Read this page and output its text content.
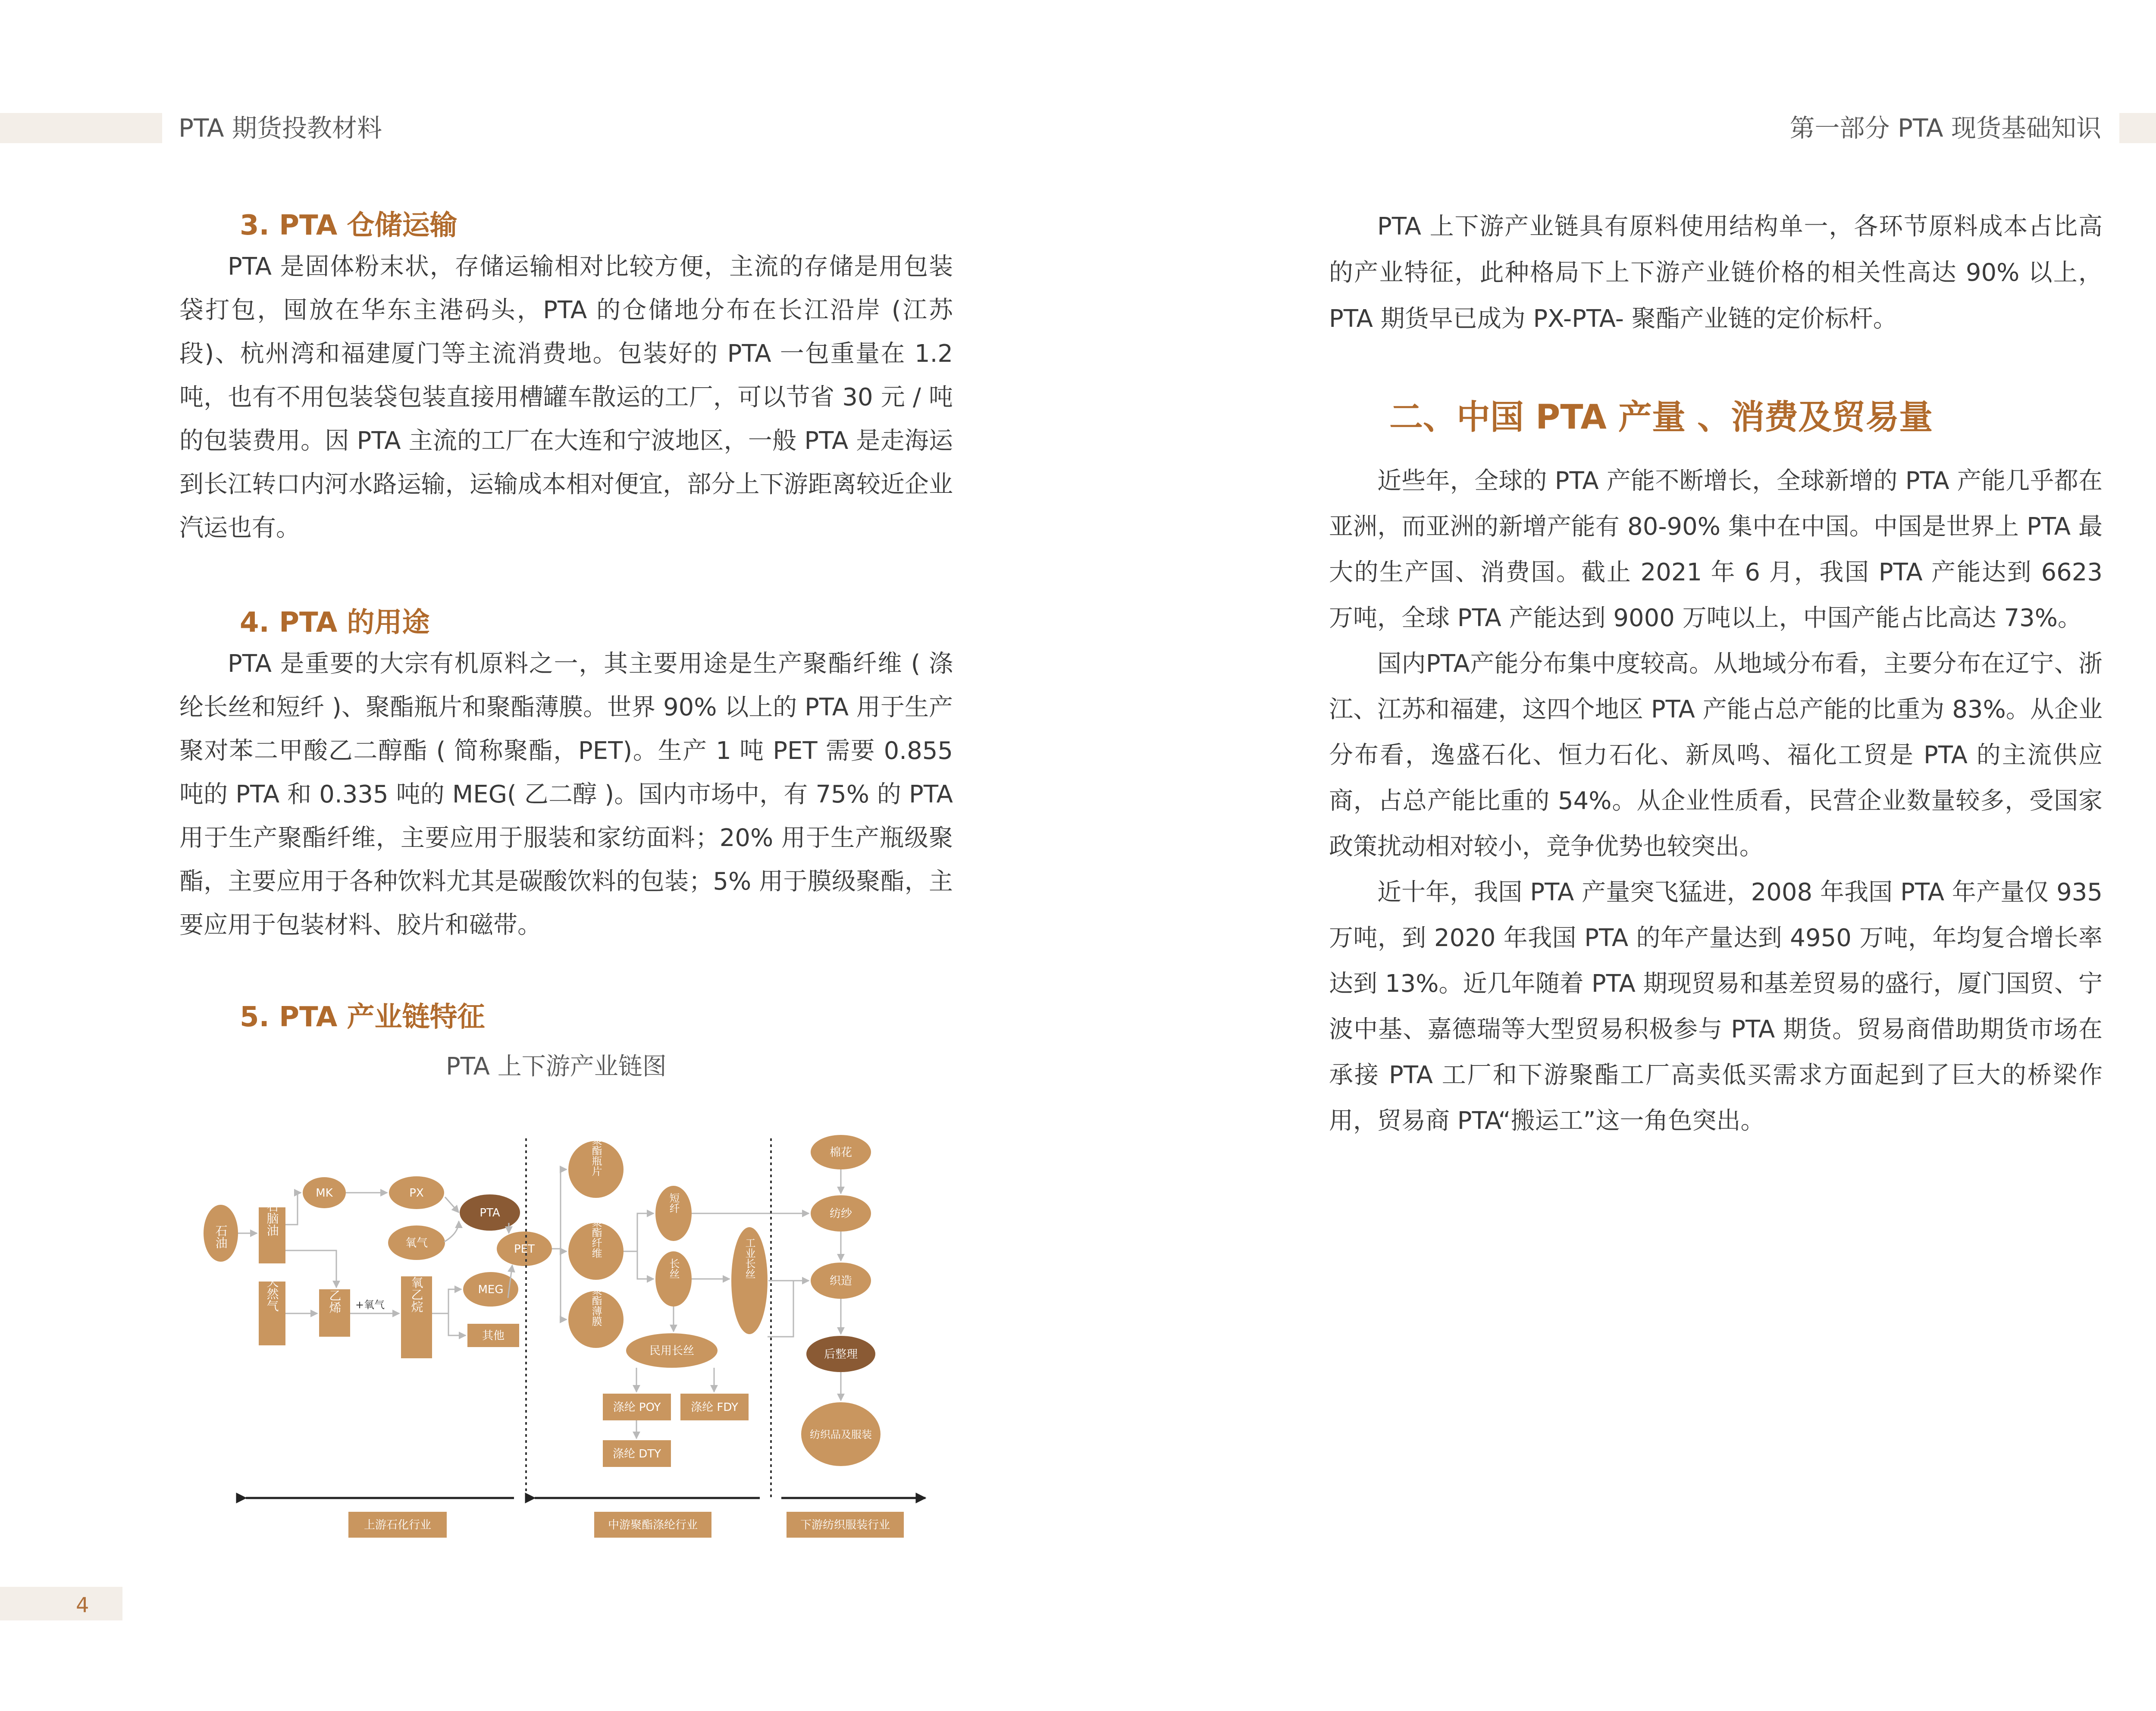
PTA 期货投教材料	第一部分 PTA 现货基础知识
4
3. PTA 仓储运输

PTA 是固体粉末状，存储运输相对比较方便，主流的存储是用包装袋打包，囤放在华东主港码头，PTA 的仓储地分布在长江沿岸 (江苏段)、杭州湾和福建厦门等主流消费地。包装好的 PTA 一包重量在 1.2 吨，也有不用包装袋包装直接用槽罐车散运的工厂，可以节省 30 元 / 吨的包装费用。因 PTA 主流的工厂在大连和宁波地区，一般 PTA 是走海运到长江转口内河水路运输，运输成本相对便宜，部分上下游距离较近企业汽运也有。

4. PTA 的用途

PTA 是重要的大宗有机原料之一，其主要用途是生产聚酯纤维 ( 涤纶长丝和短纤 )、聚酯瓶片和聚酯薄膜。世界 90% 以上的 PTA 用于生产聚对苯二甲酸乙二醇酯 ( 简称聚酯，PET)。生产 1 吨 PET 需要 0.855 吨的 PTA 和 0.335 吨的 MEG( 乙二醇 )。国内市场中，有 75% 的 PTA 用于生产聚酯纤维，主要应用于服装和家纺面料；20% 用于生产瓶级聚酯，主要应用于各种饮料尤其是碳酸饮料的包装；5% 用于膜级聚酯，主要应用于包装材料、胶片和磁带。

5. PTA 产业链特征
PTA 上下游产业链图
石油
石脑油
天然气
MK	PX
氧气
PTA
乙烯 +氧气 环氧乙烷	MEG
其他
PET
聚酯瓶片
聚酯纤维
聚酯薄膜
短纤
长丝	工业长丝
民用长丝
涤纶 POY	涤纶 FDY
涤纶 DTY
棉花
纺纱
织造
后整理
纺织品及服装
上游石化行业	中游聚酯涤纶行业	下游纺织服装行业

PTA 上下游产业链具有原料使用结构单一，各环节原料成本占比高的产业特征，此种格局下上下游产业链价格的相关性高达 90% 以上，PTA 期货早已成为 PX-PTA- 聚酯产业链的定价标杆。

二、中国 PTA 产量 、消费及贸易量

近些年，全球的 PTA 产能不断增长，全球新增的 PTA 产能几乎都在亚洲，而亚洲的新增产能有 80-90% 集中在中国。中国是世界上 PTA 最大的生产国、消费国。截止 2021 年 6 月，我国 PTA 产能达到 6623 万吨，全球 PTA 产能达到 9000 万吨以上，中国产能占比高达 73%。

国内PTA产能分布集中度较高。从地域分布看，主要分布在辽宁、浙江、江苏和福建，这四个地区 PTA 产能占总产能的比重为 83%。从企业分布看，逸盛石化、恒力石化、新凤鸣、福化工贸是 PTA 的主流供应商，占总产能比重的 54%。从企业性质看，民营企业数量较多，受国家政策扰动相对较小，竞争优势也较突出。

近十年，我国 PTA 产量突飞猛进，2008 年我国 PTA 年产量仅 935 万吨，到 2020 年我国 PTA 的年产量达到 4950 万吨，年均复合增长率达到 13%。近几年随着 PTA 期现贸易和基差贸易的盛行，厦门国贸、宁波中基、嘉德瑞等大型贸易积极参与 PTA 期货。贸易商借助期货市场在承接 PTA 工厂和下游聚酯工厂高卖低买需求方面起到了巨大的桥梁作用，贸易商 PTA“搬运工”这一角色突出。
